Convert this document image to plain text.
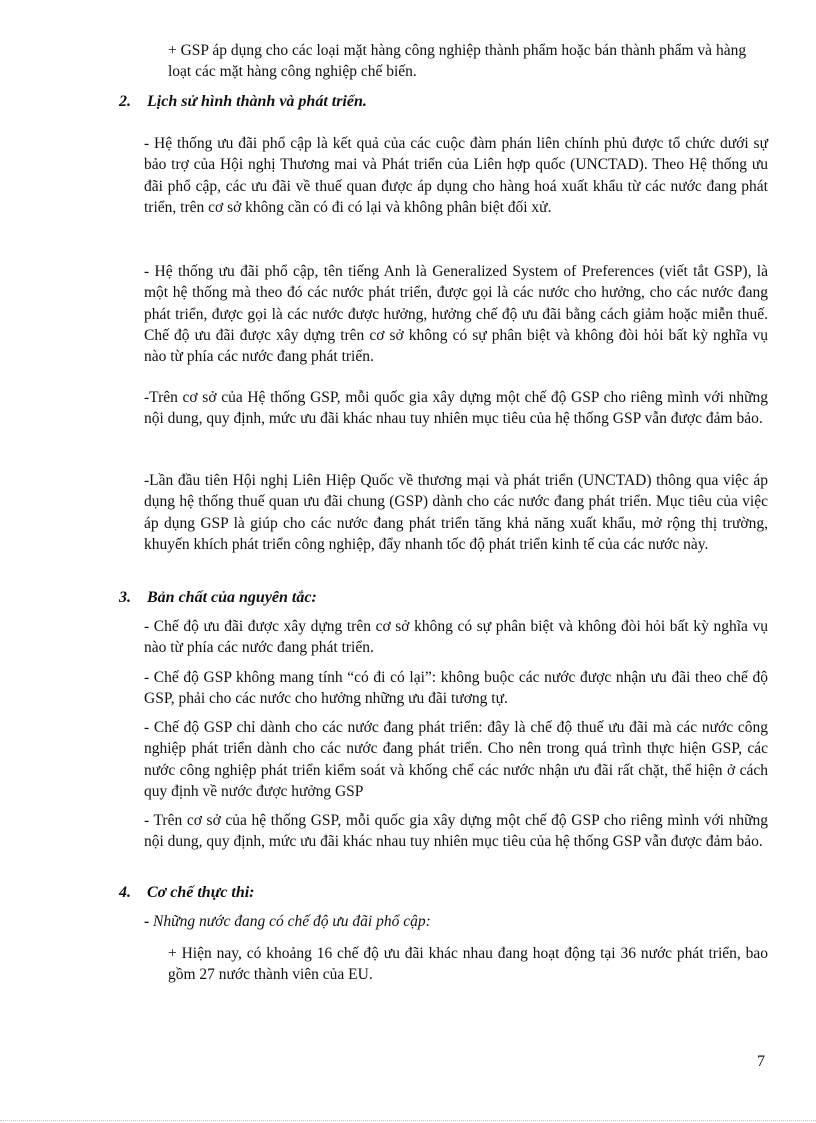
+ GSP áp dụng cho các loại mặt hàng công nghiệp thành phẩm hoặc bán thành phẩm và hàng loạt các mặt hàng công nghiệp chế biến.

2. Lịch sử hình thành và phát triển.

- Hệ thống ưu đãi phổ cập là kết quả của các cuộc đàm phán liên chính phủ được tổ chức dưới sự bảo trợ của Hội nghị Thương mai và Phát triển của Liên hợp quốc (UNCTAD). Theo Hệ thống ưu đãi phổ cập, các ưu đãi về thuế quan được áp dụng cho hàng hoá xuất khẩu từ các nước đang phát triển, trên cơ sở không cần có đi có lại và không phân biệt đối xử.

- Hệ thống ưu đãi phổ cập, tên tiếng Anh là Generalized System of Preferences (viết tắt GSP), là một hệ thống mà theo đó các nước phát triển, được gọi là các nước cho hưởng, cho các nước đang phát triển, được gọi là các nước được hưởng, hưởng chế độ ưu đãi bằng cách giảm hoặc miễn thuế. Chế độ ưu đãi được xây dựng trên cơ sở không có sự phân biệt và không đòi hỏi bất kỳ nghĩa vụ nào từ phía các nước đang phát triển.

-Trên cơ sở của Hệ thống GSP, mỗi quốc gia xây dựng một chế độ GSP cho riêng mình với những nội dung, quy định, mức ưu đãi khác nhau tuy nhiên mục tiêu của hệ thống GSP vẫn được đảm bảo.

-Lần đầu tiên Hội nghị Liên Hiệp Quốc về thương mại và phát triển (UNCTAD) thông qua việc áp dụng hệ thống thuế quan ưu đãi chung (GSP) dành cho các nước đang phát triển. Mục tiêu của việc áp dụng GSP là giúp cho các nước đang phát triển tăng khả năng xuất khẩu, mở rộng thị trường, khuyến khích phát triển công nghiệp, đẩy nhanh tốc độ phát triển kinh tế của các nước này.

3. Bản chất của nguyên tắc:

- Chế độ ưu đãi được xây dựng trên cơ sở không có sự phân biệt và không đòi hỏi bất kỳ nghĩa vụ nào từ phía các nước đang phát triển.

- Chế độ GSP không mang tính “có đi có lại”: không buộc các nước được nhận ưu đãi theo chế độ GSP, phải cho các nước cho hưởng những ưu đãi tương tự.

- Chế độ GSP chỉ dành cho các nước đang phát triển: đây là chế độ thuế ưu đãi mà các nước công nghiệp phát triển dành cho các nước đang phát triển. Cho nên trong quá trình thực hiện GSP, các nước công nghiệp phát triển kiểm soát và khống chế các nước nhận ưu đãi rất chặt, thể hiện ở cách quy định về nước được hưởng GSP

- Trên cơ sở của hệ thống GSP, mỗi quốc gia xây dựng một chế độ GSP cho riêng mình với những nội dung, quy định, mức ưu đãi khác nhau tuy nhiên mục tiêu của hệ thống GSP vẫn được đảm bảo.

4. Cơ chế thực thi:
- Những nước đang có chế độ ưu đãi phổ cập:

+ Hiện nay, có khoảng 16 chế độ ưu đãi khác nhau đang hoạt động tại 36 nước phát triển, bao gồm 27 nước thành viên của EU.

7
